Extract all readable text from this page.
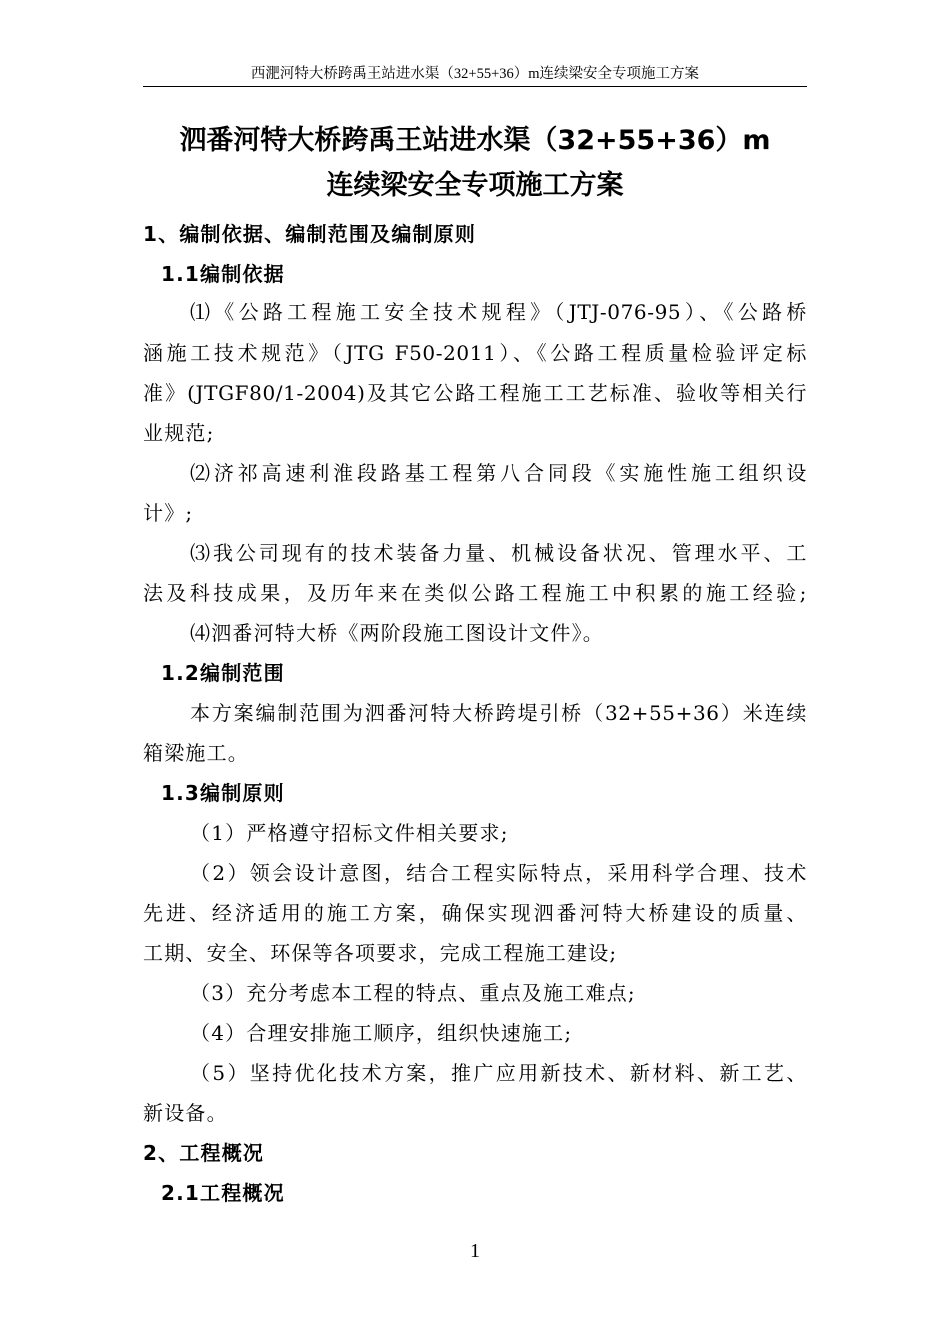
西淝河特大桥跨禹王站进水渠（32+55+36）m连续梁安全专项施工方案
泗番河特大桥跨禹王站进水渠（32+55+36）m
连续梁安全专项施工方案
1、编制依据、编制范围及编制原则
1.1编制依据
⑴《公路工程施工安全技术规程》（JTJ-076-95）、《公路桥
涵施工技术规范》（JTG F50-2011）、《公路工程质量检验评定标
准》(JTGF80/1-2004)及其它公路工程施工工艺标准、验收等相关行
业规范;
⑵济祁高速利淮段路基工程第八合同段《实施性施工组织设
计》;
⑶我公司现有的技术装备力量、机械设备状况、管理水平、工
法及科技成果，及历年来在类似公路工程施工中积累的施工经验;
⑷泗番河特大桥《两阶段施工图设计文件》。
1.2编制范围
本方案编制范围为泗番河特大桥跨堤引桥（32+55+36）米连续
箱梁施工。
1.3编制原则
（1）严格遵守招标文件相关要求;
（2）领会设计意图，结合工程实际特点，采用科学合理、技术
先进、经济适用的施工方案，确保实现泗番河特大桥建设的质量、
工期、安全、环保等各项要求，完成工程施工建设;
（3）充分考虑本工程的特点、重点及施工难点;
（4）合理安排施工顺序，组织快速施工;
（5）坚持优化技术方案，推广应用新技术、新材料、新工艺、
新设备。
2、工程概况
2.1工程概况
1
